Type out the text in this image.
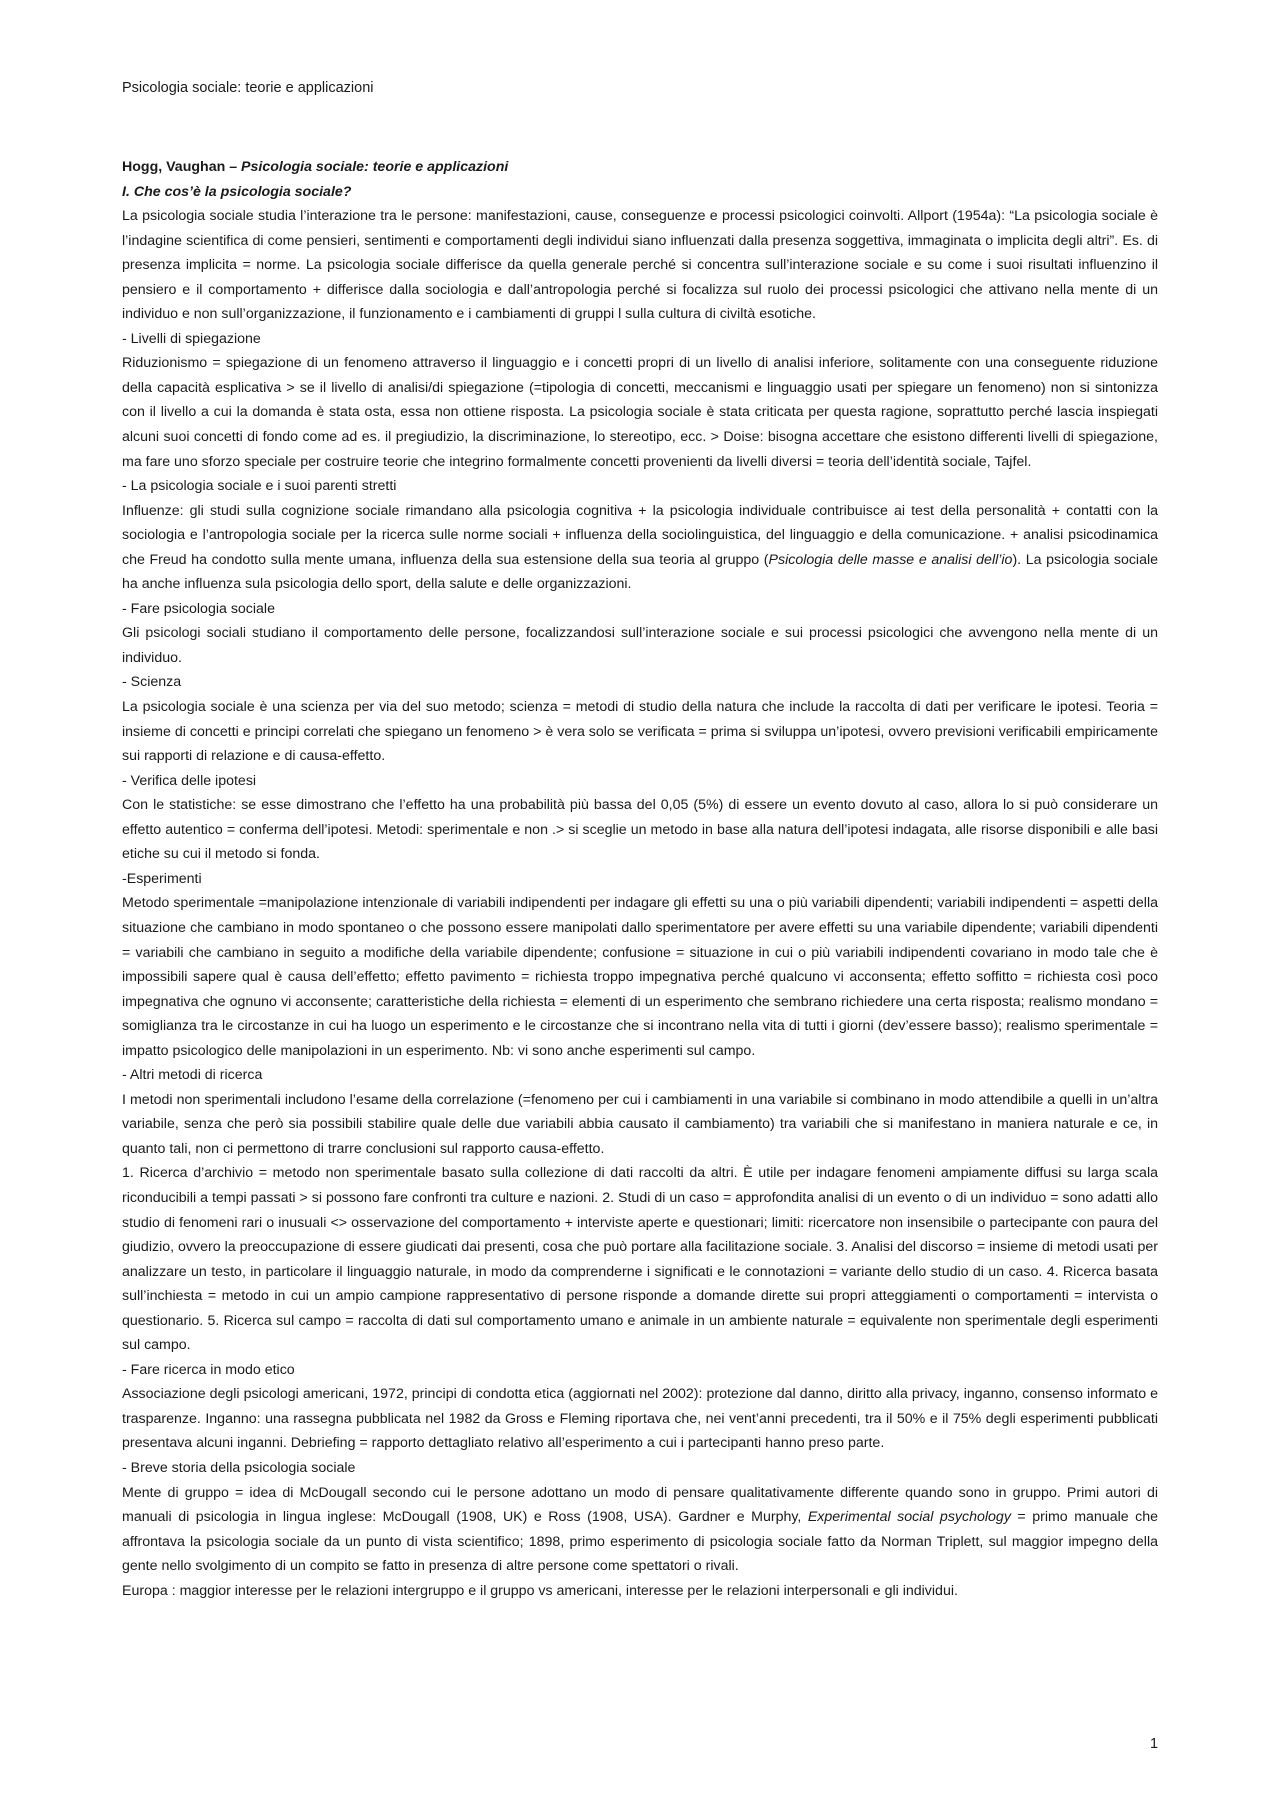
Psicologia sociale: teorie e applicazioni

Hogg, Vaughan – Psicologia sociale: teorie e applicazioni

I. Che cos’è la psicologia sociale?

La psicologia sociale studia l’interazione tra le persone: manifestazioni, cause, conseguenze e processi psicologici coinvolti. Allport (1954a): “La psicologia sociale è l’indagine scientifica di come pensieri, sentimenti e comportamenti degli individui siano influenzati dalla presenza soggettiva, immaginata o implicita degli altri”. Es. di presenza implicita = norme. La psicologia sociale differisce da quella generale perché si concentra sull’interazione sociale e su come i suoi risultati influenzino il pensiero e il comportamento + differisce dalla sociologia e dall’antropologia perché si focalizza sul ruolo dei processi psicologici che attivano nella mente di un individuo e non sull’organizzazione, il funzionamento e i cambiamenti di gruppi l sulla cultura di civiltà esotiche.

- Livelli di spiegazione

Riduzionismo = spiegazione di un fenomeno attraverso il linguaggio e i concetti propri di un livello di analisi inferiore, solitamente con una conseguente riduzione della capacità esplicativa > se il livello di analisi/di spiegazione (=tipologia di concetti, meccanismi e linguaggio usati per spiegare un fenomeno) non si sintonizza con il livello a cui la domanda è stata osta, essa non ottiene risposta. La psicologia sociale è stata criticata per questa ragione, soprattutto perché lascia inspiegati alcuni suoi concetti di fondo come ad es. il pregiudizio, la discriminazione, lo stereotipo, ecc. > Doise: bisogna accettare che esistono differenti livelli di spiegazione, ma fare uno sforzo speciale per costruire teorie che integrino formalmente concetti provenienti da livelli diversi = teoria dell’identità sociale, Tajfel.

- La psicologia sociale e i suoi parenti stretti

Influenze: gli studi sulla cognizione sociale rimandano alla psicologia cognitiva + la psicologia individuale contribuisce ai test della personalità + contatti con la sociologia e l’antropologia sociale per la ricerca sulle norme sociali + influenza della sociolinguistica, del linguaggio e della comunicazione. + analisi psicodinamica che Freud ha condotto sulla mente umana, influenza della sua estensione della sua teoria al gruppo (Psicologia delle masse e analisi dell’io). La psicologia sociale ha anche influenza sula psicologia dello sport, della salute e delle organizzazioni.

- Fare psicologia sociale

Gli psicologi sociali studiano il comportamento delle persone, focalizzandosi sull’interazione sociale e sui processi psicologici che avvengono nella mente di un individuo.

- Scienza

La psicologia sociale è una scienza per via del suo metodo; scienza = metodi di studio della natura che include la raccolta di dati per verificare le ipotesi. Teoria = insieme di concetti e principi correlati che spiegano un fenomeno > è vera solo se verificata = prima si sviluppa un’ipotesi, ovvero previsioni verificabili empiricamente sui rapporti di relazione e di causa-effetto.

- Verifica delle ipotesi

Con le statistiche: se esse dimostrano che l’effetto ha una probabilità più bassa del 0,05 (5%) di essere un evento dovuto al caso, allora lo si può considerare un effetto autentico = conferma dell’ipotesi. Metodi: sperimentale e non .> si sceglie un metodo in base alla natura dell’ipotesi indagata, alle risorse disponibili e alle basi etiche su cui il metodo si fonda.

-Esperimenti

Metodo sperimentale =manipolazione intenzionale di variabili indipendenti per indagare gli effetti su una o più variabili dipendenti; variabili indipendenti = aspetti della situazione che cambiano in modo spontaneo o che possono essere manipolati dallo sperimentatore per avere effetti su una variabile dipendente; variabili dipendenti = variabili che cambiano in seguito a modifiche della variabile dipendente; confusione = situazione in cui o più variabili indipendenti covariano in modo tale che è impossibili sapere qual è causa dell’effetto; effetto pavimento = richiesta troppo impegnativa perché qualcuno vi acconsenta; effetto soffitto = richiesta così poco impegnativa che ognuno vi acconsente; caratteristiche della richiesta = elementi di un esperimento che sembrano richiedere una certa risposta; realismo mondano = somiglianza tra le circostanze in cui ha luogo un esperimento e le circostanze che si incontrano nella vita di tutti i giorni (dev’essere basso); realismo sperimentale = impatto psicologico delle manipolazioni in un esperimento. Nb: vi sono anche esperimenti sul campo.

- Altri metodi di ricerca

I metodi non sperimentali includono l’esame della correlazione (=fenomeno per cui i cambiamenti in una variabile si combinano in modo attendibile a quelli in un’altra variabile, senza che però sia possibili stabilire quale delle due variabili abbia causato il cambiamento) tra variabili che si manifestano in maniera naturale e ce, in quanto tali, non ci permettono di trarre conclusioni sul rapporto causa-effetto.

1. Ricerca d’archivio = metodo non sperimentale basato sulla collezione di dati raccolti da altri. È utile per indagare fenomeni ampiamente diffusi su larga scala riconducibili a tempi passati > si possono fare confronti tra culture e nazioni. 2. Studi di un caso = approfondita analisi di un evento o di un individuo = sono adatti allo studio di fenomeni rari o inusuali <> osservazione del comportamento + interviste aperte e questionari; limiti: ricercatore non insensibile o partecipante con paura del giudizio, ovvero la preoccupazione di essere giudicati dai presenti, cosa che può portare alla facilitazione sociale. 3. Analisi del discorso = insieme di metodi usati per analizzare un testo, in particolare il linguaggio naturale, in modo da comprenderne i significati e le connotazioni = variante dello studio di un caso. 4. Ricerca basata sull’inchiesta = metodo in cui un ampio campione rappresentativo di persone risponde a domande dirette sui propri atteggiamenti o comportamenti = intervista o questionario. 5. Ricerca sul campo = raccolta di dati sul comportamento umano e animale in un ambiente naturale = equivalente non sperimentale degli esperimenti sul campo.

- Fare ricerca in modo etico

Associazione degli psicologi americani, 1972, principi di condotta etica (aggiornati nel 2002): protezione dal danno, diritto alla privacy, inganno, consenso informato e trasparenze. Inganno: una rassegna pubblicata nel 1982 da Gross e Fleming riportava che, nei vent’anni precedenti, tra il 50% e il 75% degli esperimenti pubblicati presentava alcuni inganni. Debriefing = rapporto dettagliato relativo all’esperimento a cui i partecipanti hanno preso parte.

- Breve storia della psicologia sociale

Mente di gruppo = idea di McDougall secondo cui le persone adottano un modo di pensare qualitativamente differente quando sono in gruppo. Primi autori di manuali di psicologia in lingua inglese: McDougall (1908, UK) e Ross (1908, USA). Gardner e Murphy, Experimental social psychology = primo manuale che affrontava la psicologia sociale da un punto di vista scientifico; 1898, primo esperimento di psicologia sociale fatto da Norman Triplett, sul maggior impegno della gente nello svolgimento di un compito se fatto in presenza di altre persone come spettatori o rivali.

Europa : maggior interesse per le relazioni intergruppo e il gruppo vs americani, interesse per le relazioni interpersonali e gli individui.

1
